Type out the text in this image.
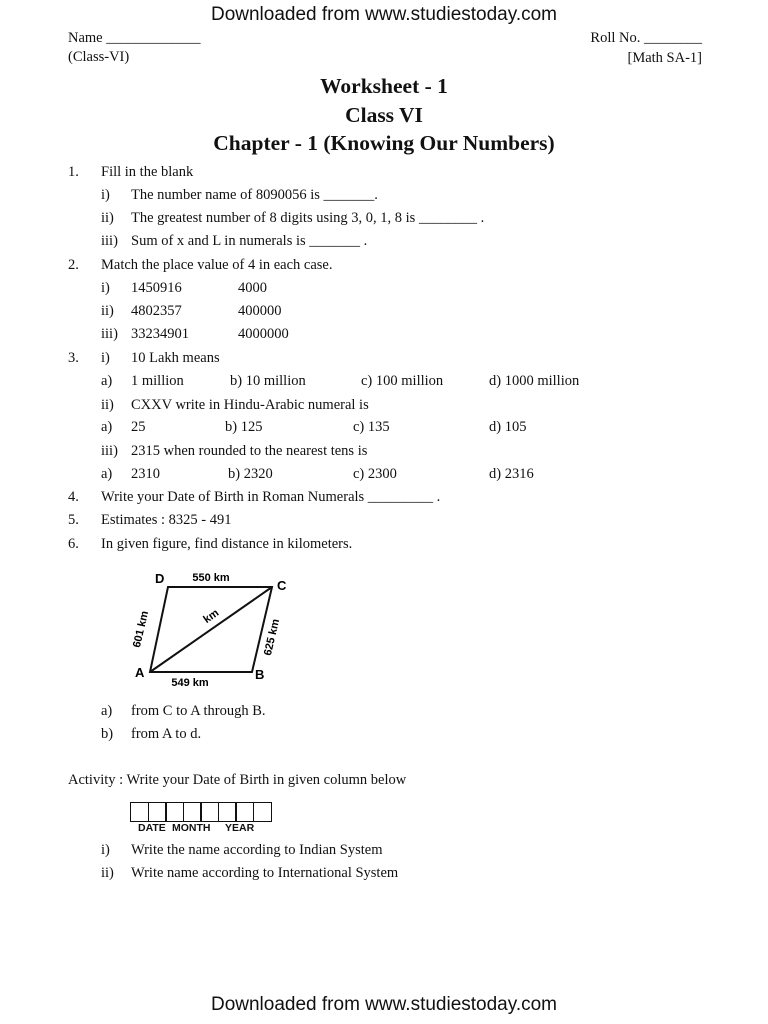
Downloaded from www.studiestoday.com
Name _____________	Roll No. ________
(Class-VI)	[Math SA-1]
Worksheet - 1
Class VI
Chapter - 1 (Knowing Our Numbers)
1. Fill in the blank
i) The number name of 8090056 is _______.
ii) The greatest number of 8 digits using 3, 0, 1, 8 is ________ .
iii) Sum of x and L in numerals is _______ .
2. Match the place value of 4 in each case.
i) 1450916	4000
ii) 4802357	400000
iii) 33234901	4000000
3. i) 10 Lakh means
a) 1 million	b) 10 million	c) 100 million	d) 1000 million
ii) CXXV write in Hindu-Arabic numeral is
a) 25	b) 125	c) 135	d) 105
iii) 2315 when rounded to the nearest tens is
a) 2310	b) 2320	c) 2300	d) 2316
4. Write your Date of Birth in Roman Numerals _________ .
5. Estimates : 8325 - 491
6. In given figure, find distance in kilometers.
D	C
A	B
550 km
549 km
601 km	625 km
km
a) from C to A through B.
b) from A to d.
Activity : Write your Date of Birth in given column below
DATE MONTH YEAR
i) Write the name according to Indian System
ii) Write name according to International System
Downloaded from www.studiestoday.com
